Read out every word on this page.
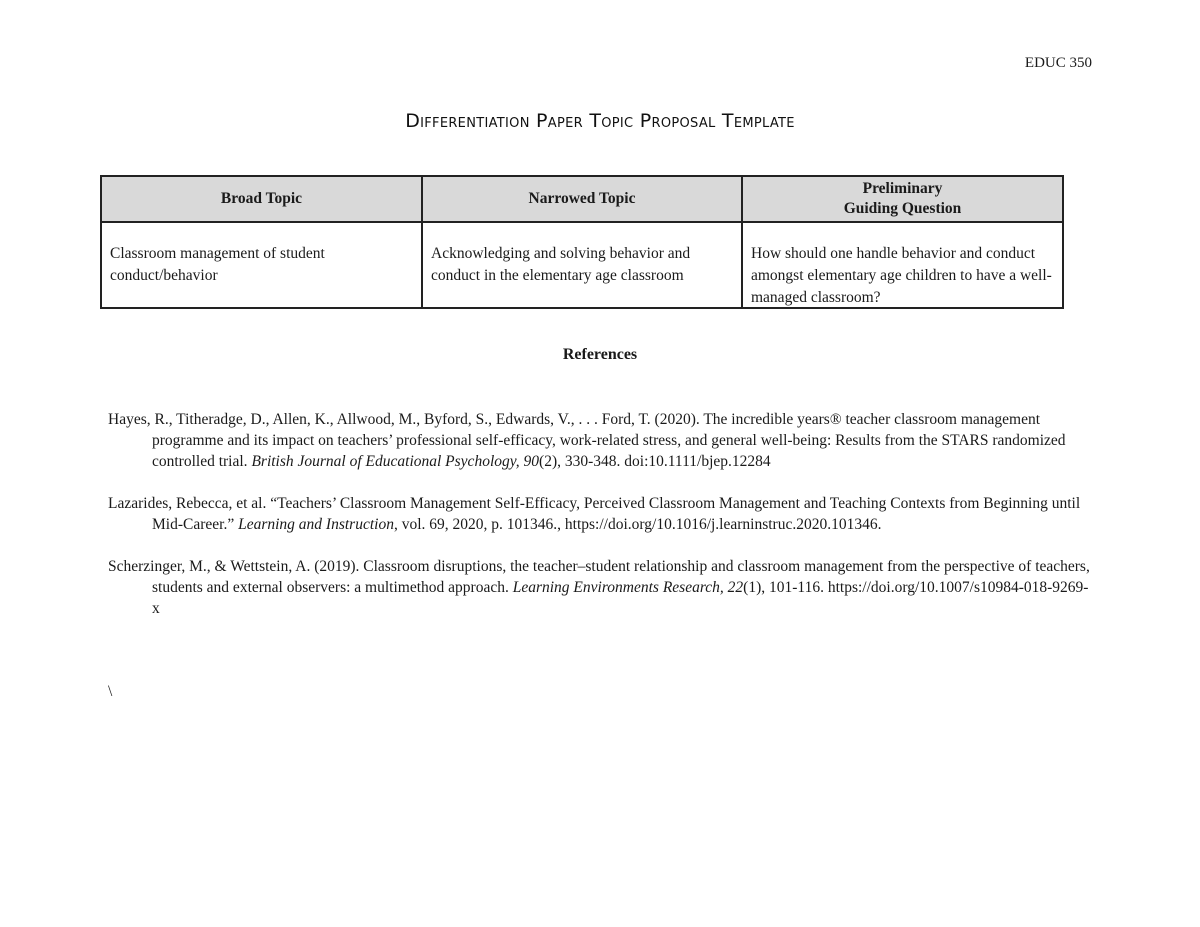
EDUC 350
Differentiation Paper Topic Proposal Template
Broad Topic	Narrowed Topic	Preliminary
Guiding Question

Classroom management of student conduct/behavior	Acknowledging and solving behavior and conduct in the elementary age classroom	How should one handle behavior and conduct amongst elementary age children to have a well-managed classroom?
References

Hayes, R., Titheradge, D., Allen, K., Allwood, M., Byford, S., Edwards, V., . . . Ford, T. (2020). The incredible years® teacher classroom management programme and its impact on teachers’ professional self-efficacy, work-related stress, and general well-being: Results from the STARS randomized controlled trial. British Journal of Educational Psychology, 90(2), 330-348. doi:10.1111/bjep.12284

Lazarides, Rebecca, et al. “Teachers’ Classroom Management Self-Efficacy, Perceived Classroom Management and Teaching Contexts from Beginning until Mid-Career.” Learning and Instruction, vol. 69, 2020, p. 101346., https://doi.org/10.1016/j.learninstruc.2020.101346.

Scherzinger, M., & Wettstein, A. (2019). Classroom disruptions, the teacher–student relationship and classroom management from the perspective of teachers, students and external observers: a multimethod approach. Learning Environments Research, 22(1), 101-116. https://doi.org/10.1007/s10984-018-9269-x

\
